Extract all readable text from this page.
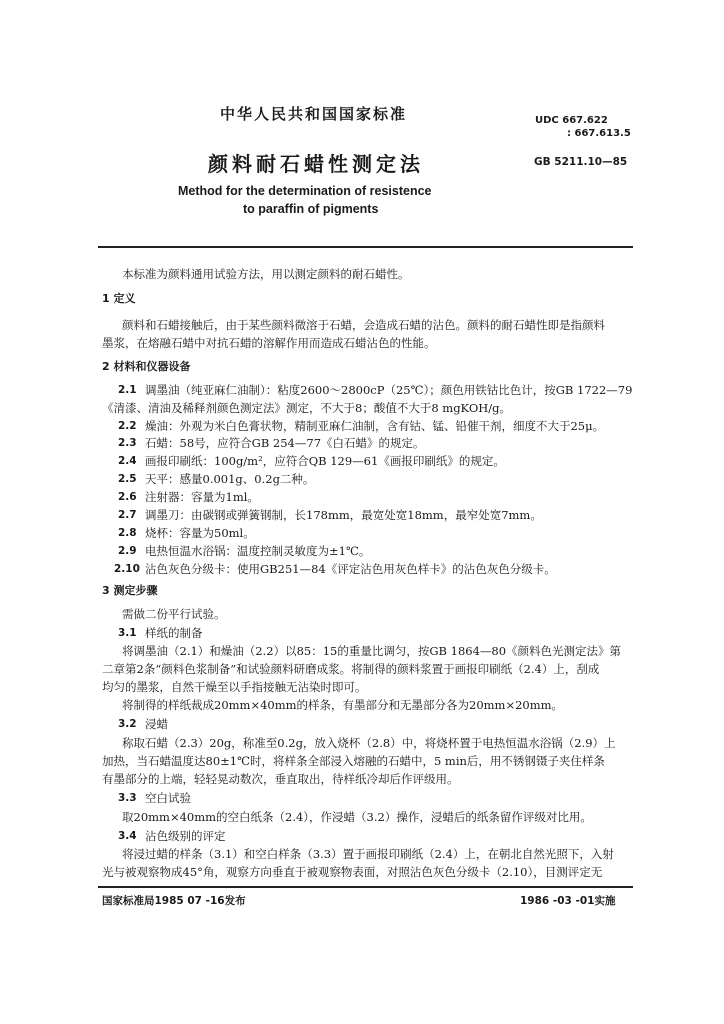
中华人民共和国国家标准	UDC 667.622
: 667.613.5
颜料耐石蜡性测定法	GB 5211.10—85
Method for the determination of resistence
to paraffin of pigments
本标准为颜料通用试验方法，用以测定颜料的耐石蜡性。
1 定义
颜料和石蜡接触后，由于某些颜料微溶于石蜡，会造成石蜡的沾色。颜料的耐石蜡性即是指颜料
墨浆，在熔融石蜡中对抗石蜡的溶解作用而造成石蜡沾色的性能。
2 材料和仪器设备
2.1 调墨油（纯亚麻仁油制）：粘度2600～2800cP（25℃）；颜色用铁钴比色计，按GB 1722—79
《清漆、清油及稀释剂颜色测定法》测定，不大于8；酸值不大于8 mgKOH/g。
2.2 燥油：外观为米白色膏状物，精制亚麻仁油制，含有钴、锰、铅催干剂，细度不大于25μ。
2.3 石蜡：58号，应符合GB 254—77《白石蜡》的规定。
2.4 画报印刷纸：100g/m²，应符合QB 129—61《画报印刷纸》的规定。
2.5 天平：感量0.001g、0.2g二种。
2.6 注射器：容量为1ml。
2.7 调墨刀：由碳钢或弹簧钢制，长178mm，最宽处宽18mm，最窄处宽7mm。
2.8 烧杯：容量为50ml。
2.9 电热恒温水浴锅：温度控制灵敏度为±1℃。
2.10 沾色灰色分级卡：使用GB251—84《评定沾色用灰色样卡》的沾色灰色分级卡。
3 测定步骤
需做二份平行试验。
3.1 样纸的制备
将调墨油（2.1）和燥油（2.2）以85：15的重量比调匀，按GB 1864—80《颜料色光测定法》第
二章第2条“颜料色浆制备”和试验颜料研磨成浆。将制得的颜料浆置于画报印刷纸（2.4）上，刮成
均匀的墨浆，自然干燥至以手指接触无沾染时即可。
将制得的样纸裁成20mm×40mm的样条，有墨部分和无墨部分各为20mm×20mm。
3.2 浸蜡
称取石蜡（2.3）20g，称准至0.2g，放入烧杯（2.8）中，将烧杯置于电热恒温水浴锅（2.9）上
加热，当石蜡温度达80±1℃时，将样条全部浸入熔融的石蜡中，5 min后，用不锈钢镊子夹住样条
有墨部分的上端，轻轻晃动数次，垂直取出，待样纸冷却后作评级用。
3.3 空白试验
取20mm×40mm的空白纸条（2.4），作浸蜡（3.2）操作，浸蜡后的纸条留作评级对比用。
3.4 沾色级别的评定
将浸过蜡的样条（3.1）和空白样条（3.3）置于画报印刷纸（2.4）上，在朝北自然光照下，入射
光与被观察物成45°角，观察方向垂直于被观察物表面，对照沾色灰色分级卡（2.10），目测评定无
国家标准局1985 07 -16发布	1986 -03 -01实施
